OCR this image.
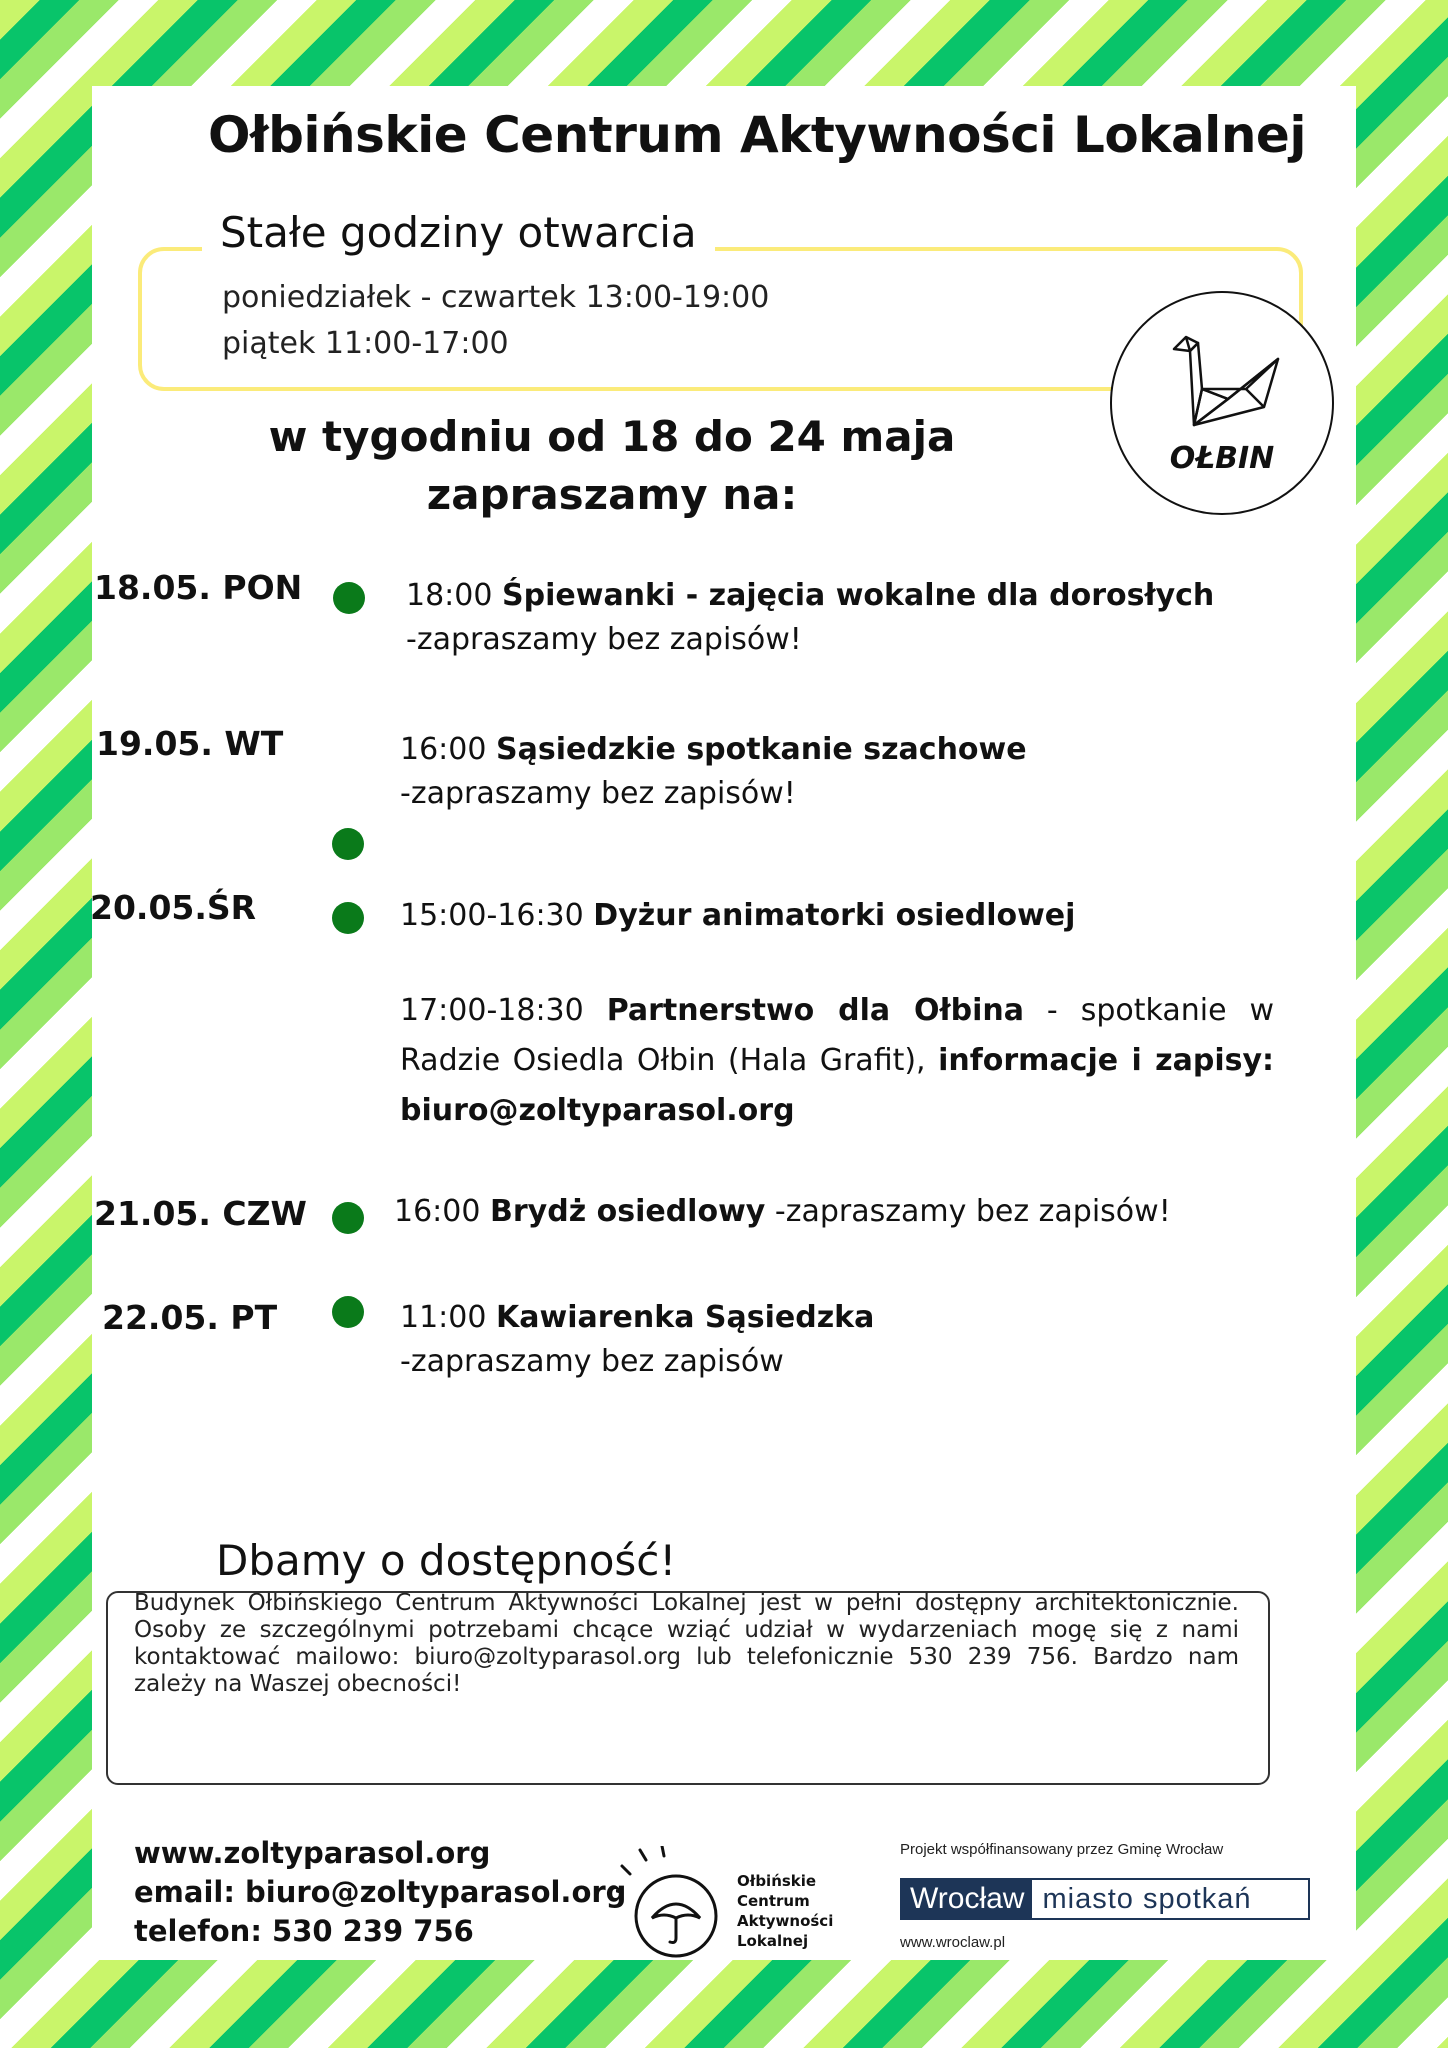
Ołbińskie Centrum Aktywności Lokalnej
Stałe godziny otwarcia
poniedziałek - czwartek 13:00-19:00
piątek 11:00-17:00
OŁBIN
w tygodniu od 18 do 24 maja
zapraszamy na:
18.05. PON	18:00 Śpiewanki - zajęcia wokalne dla dorosłych
-zapraszamy bez zapisów!
19.05. WT	16:00 Sąsiedzkie spotkanie szachowe
-zapraszamy bez zapisów!
20.05.ŚR	15:00-16:30 Dyżur animatorki osiedlowej
17:00-18:30 Partnerstwo dla Ołbina - spotkanie w Radzie Osiedla Ołbin (Hala Grafit), informacje i zapisy: biuro@zoltyparasol.org
21.05. CZW	16:00 Brydż osiedlowy -zapraszamy bez zapisów!
22.05. PT	11:00 Kawiarenka Sąsiedzka
-zapraszamy bez zapisów
Dbamy o dostępność!
Budynek Ołbińskiego Centrum Aktywności Lokalnej jest w pełni dostępny architektonicznie. Osoby ze szczególnymi potrzebami chcące wziąć udział w wydarzeniach mogę się z nami kontaktować mailowo: biuro@zoltyparasol.org lub telefonicznie 530 239 756. Bardzo nam zależy na Waszej obecności!
www.zoltyparasol.org
email: biuro@zoltyparasol.org
telefon: 530 239 756
Ołbińskie
Centrum
Aktywności
Lokalnej
Projekt współfinansowany przez Gminę Wrocław
Wrocław miasto spotkań
www.wroclaw.pl
